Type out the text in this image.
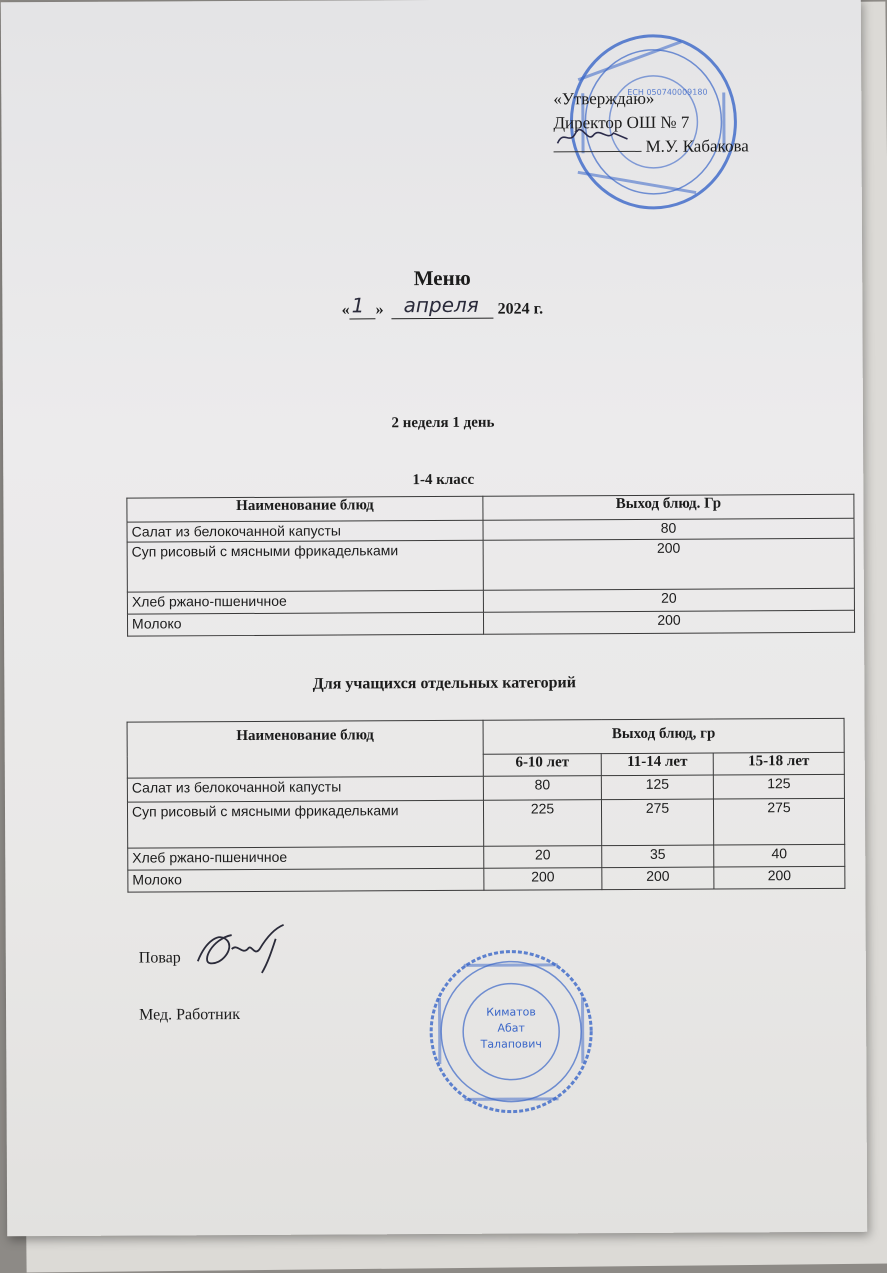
ЕСН 050740009180
«Утверждаю»
Директор ОШ № 7
М.У. Кабакова
Меню
« 1 » апреля 2024 г.
2 неделя 1 день
1-4 класс
Наименование блюд	Выход блюд. Гр
Салат из белокочанной капусты	80
Суп рисовый с мясными фрикадельками	200
Хлеб ржано-пшеничное	20
Молоко	200
Для учащихся отдельных категорий
Наименование блюд	Выход блюд, гр		
	6-10 лет	11-14 лет	15-18 лет
Салат из белокочанной капусты	80	125	125
Суп рисовый с мясными фрикадельками	225	275	275
Хлеб ржано-пшеничное	20	35	40
Молоко	200	200	200
Повар
Мед. Работник	Киматов
Абат
Талапович
